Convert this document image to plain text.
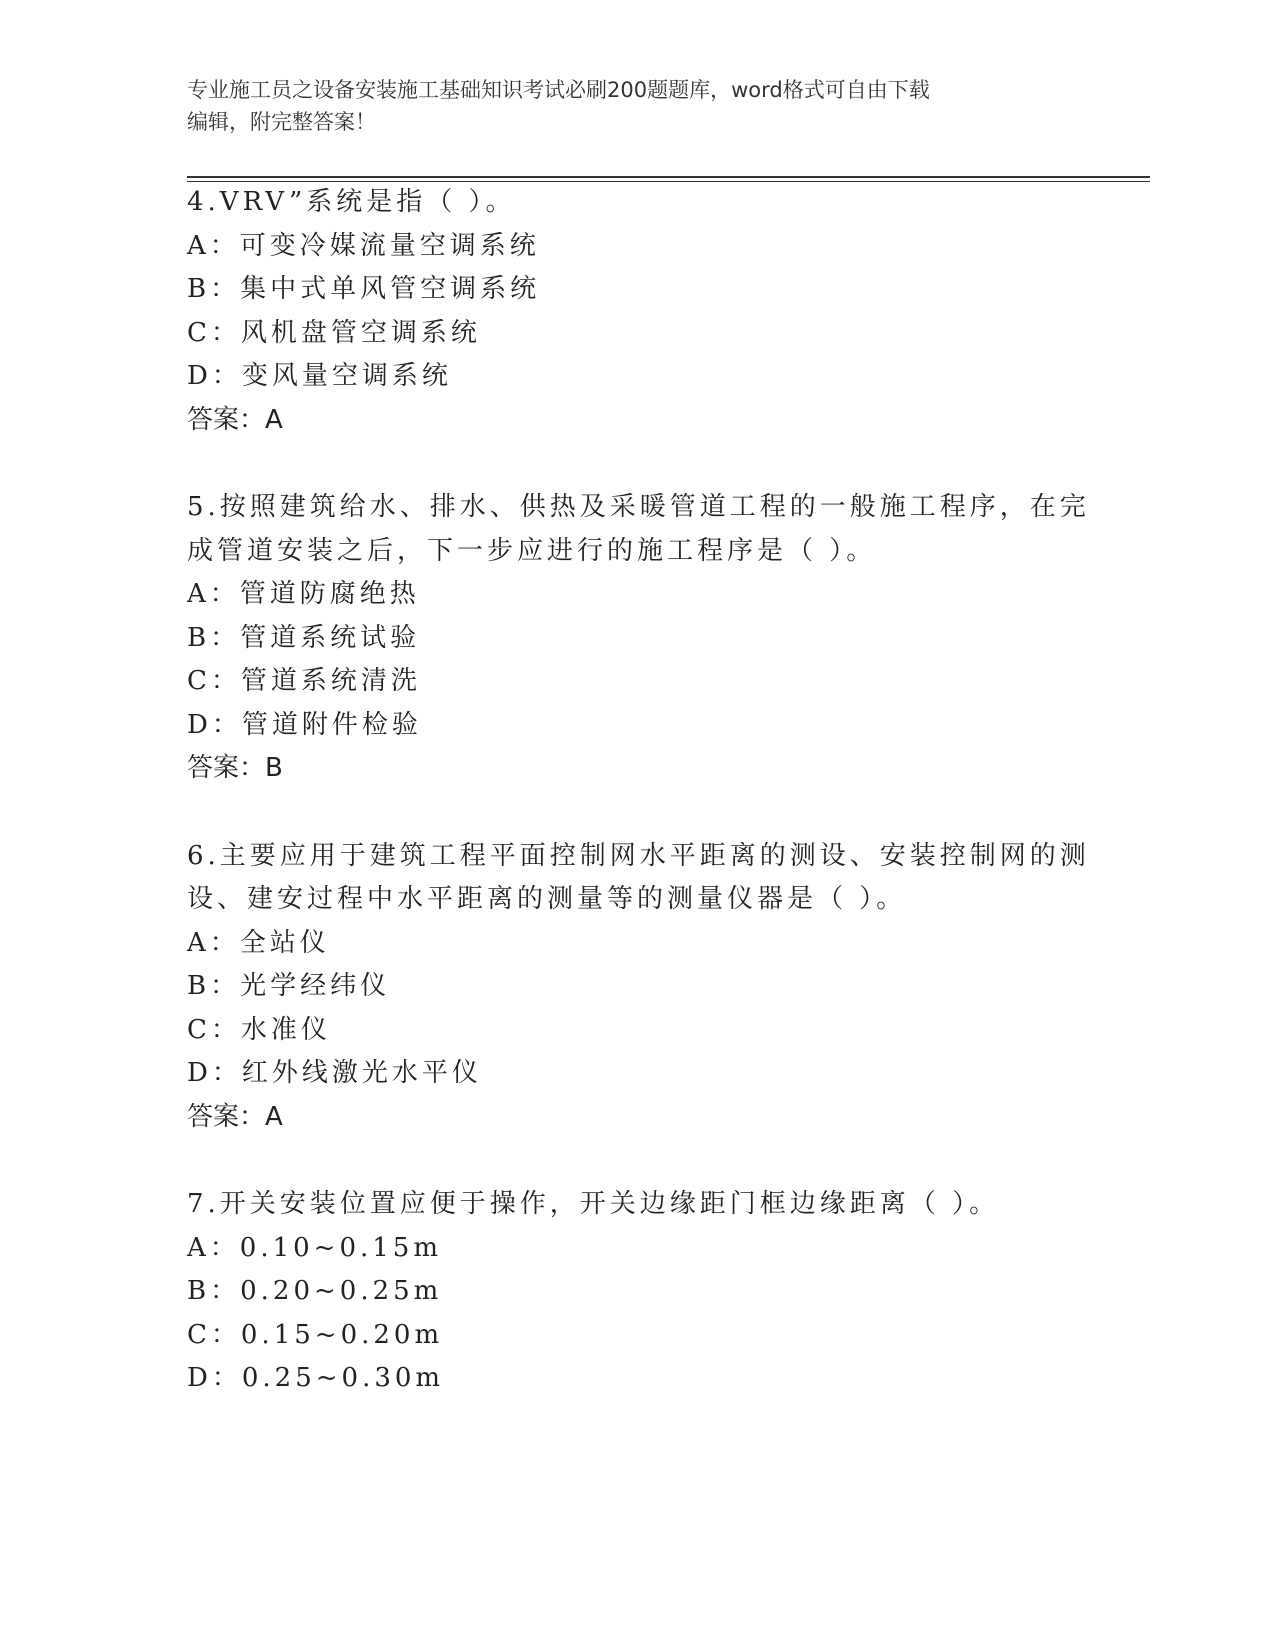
专业施工员之设备安装施工基础知识考试必刷200题题库，word格式可自由下载
编辑，附完整答案！
4.VRV”系统是指（ ）。
A：可变冷媒流量空调系统
B：集中式单风管空调系统
C：风机盘管空调系统
D：变风量空调系统
答案：A
5.按照建筑给水、排水、供热及采暖管道工程的一般施工程序，在完
成管道安装之后，下一步应进行的施工程序是（ ）。
A：管道防腐绝热
B：管道系统试验
C：管道系统清洗
D：管道附件检验
答案：B
6.主要应用于建筑工程平面控制网水平距离的测设、安装控制网的测
设、建安过程中水平距离的测量等的测量仪器是（ ）。
A：全站仪
B：光学经纬仪
C：水准仪
D：红外线激光水平仪
答案：A
7.开关安装位置应便于操作，开关边缘距门框边缘距离（ ）。
A：0.10~0.15m
B：0.20~0.25m
C：0.15~0.20m
D：0.25~0.30m
